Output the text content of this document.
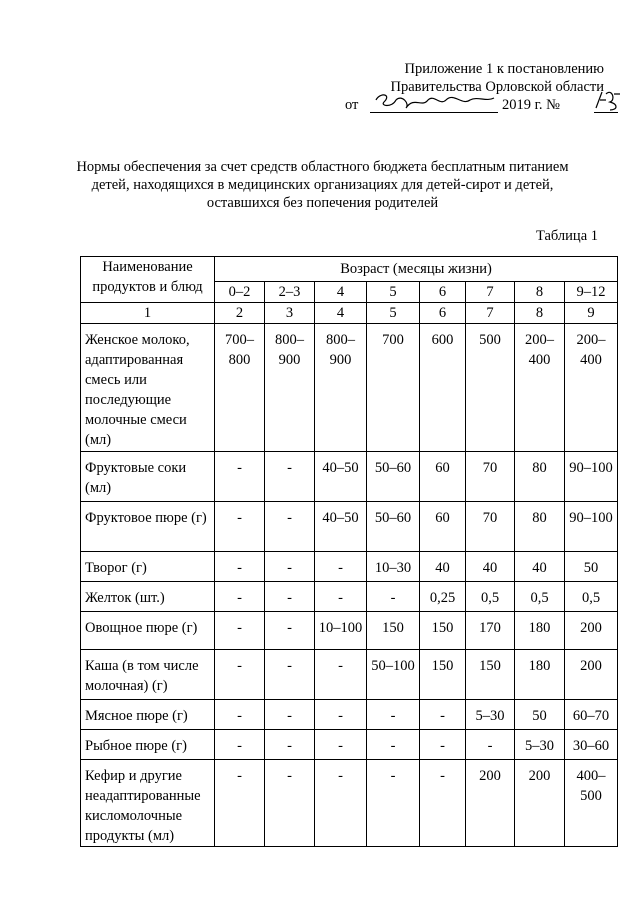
Приложение 1 к постановлению
Правительства Орловской области
от	2019 г. №
Нормы обеспечения за счет средств областного бюджета бесплатным питанием
детей, находящихся в медицинских организациях для детей-сирот и детей,
оставшихся без попечения родителей
Таблица 1
Наименование продуктов и блюд	Возраст (месяцы жизни)							
	0–2	2–3	4	5	6	7	8	9–12
1	2	3	4	5	6	7	8	9
Женское молоко, адаптированная смесь или последующие молочные смеси (мл)	700–800	800–900	800–900	700	600	500	200–400	200–400
Фруктовые соки (мл)	-	-	40–50	50–60	60	70	80	90–100
Фруктовое пюре (г)	-	-	40–50	50–60	60	70	80	90–100
Творог (г)	-	-	-	10–30	40	40	40	50
Желток (шт.)	-	-	-	-	0,25	0,5	0,5	0,5
Овощное пюре (г)	-	-	10–100	150	150	170	180	200
Каша (в том числе молочная) (г)	-	-	-	50–100	150	150	180	200
Мясное пюре (г)	-	-	-	-	-	5–30	50	60–70
Рыбное пюре (г)	-	-	-	-	-	-	5–30	30–60
Кефир и другие неадаптированные кисломолочные продукты (мл)	-	-	-	-	-	200	200	400–500
